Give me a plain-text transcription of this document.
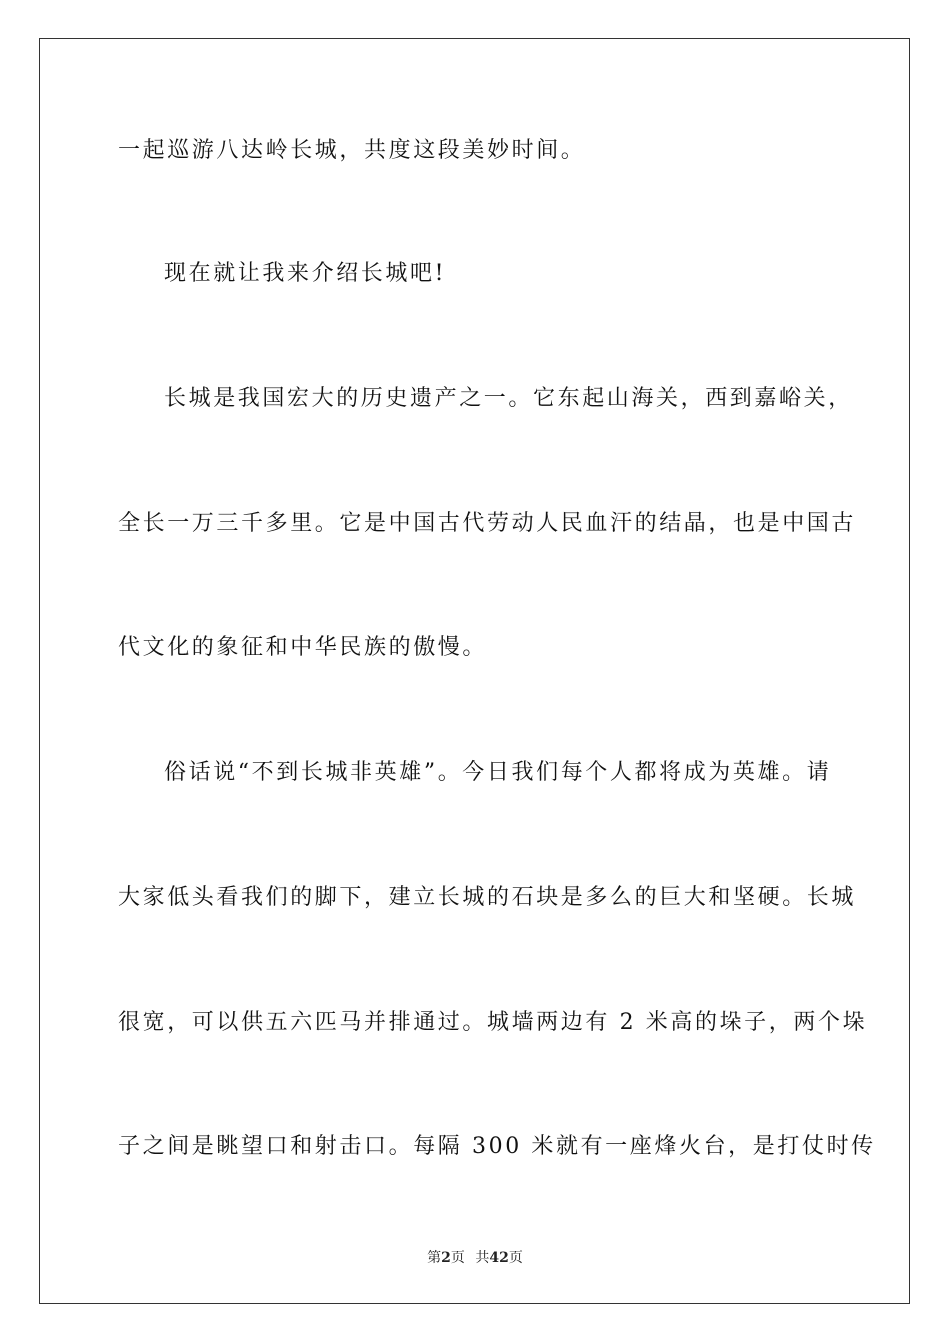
一起巡游八达岭长城，共度这段美妙时间。
现在就让我来介绍长城吧!
长城是我国宏大的历史遗产之一。它东起山海关，西到嘉峪关，
全长一万三千多里。它是中国古代劳动人民血汗的结晶，也是中国古
代文化的象征和中华民族的傲慢。
俗话说“不到长城非英雄”。今日我们每个人都将成为英雄。请
大家低头看我们的脚下，建立长城的石块是多么的巨大和坚硬。长城
很宽，可以供五六匹马并排通过。城墙两边有 2 米高的垛子，两个垛
子之间是眺望口和射击口。每隔 300 米就有一座烽火台，是打仗时传
第2页 共42页
